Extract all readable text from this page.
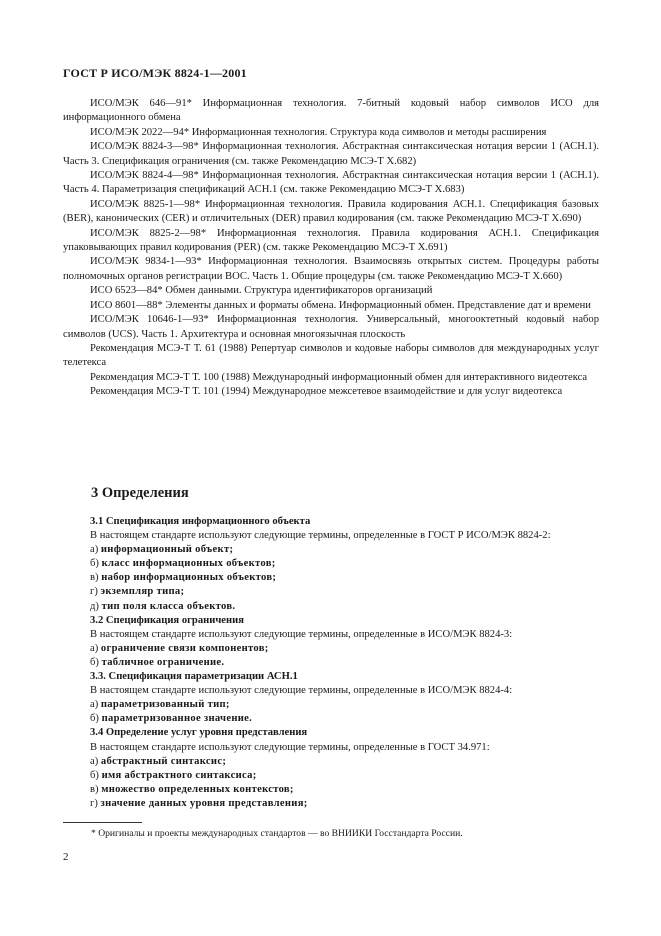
ГОСТ Р ИСО/МЭК 8824-1—2001

ИСО/МЭК 646—91* Информационная технология. 7-битный кодовый набор символов ИСО для информационного обмена

ИСО/МЭК 2022—94* Информационная технология. Структура кода символов и методы расширения

ИСО/МЭК 8824-3—98* Информационная технология. Абстрактная синтаксическая нотация версии 1 (АСН.1). Часть 3. Спецификация ограничения (см. также Рекомендацию МСЭ-Т Х.682)

ИСО/МЭК 8824-4—98* Информационная технология. Абстрактная синтаксическая нотация версии 1 (АСН.1). Часть 4. Параметризация спецификаций АСН.1 (см. также Рекомендацию МСЭ-Т Х.683)

ИСО/МЭК 8825-1—98* Информационная технология. Правила кодирования АСН.1. Спецификация базовых (BER), канонических (CER) и отличительных (DER) правил кодирования (см. также Рекомендацию МСЭ-Т Х.690)

ИСО/МЭК 8825-2—98* Информационная технология. Правила кодирования АСН.1. Спецификация упаковывающих правил кодирования (PER) (см. также Рекомендацию МСЭ-Т Х.691)

ИСО/МЭК 9834-1—93* Информационная технология. Взаимосвязь открытых систем. Процедуры работы полномочных органов регистрации ВОС. Часть 1. Общие процедуры (см. также Рекомендацию МСЭ-Т Х.660)

ИСО 6523—84* Обмен данными. Структура идентификаторов организаций

ИСО 8601—88* Элементы данных и форматы обмена. Информационный обмен. Представление дат и времени

ИСО/МЭК 10646-1—93* Информационная технология. Универсальный, многооктетный кодовый набор символов (UCS). Часть 1. Архитектура и основная многоязычная плоскость

Рекомендация МСЭ-Т Т. 61 (1988) Репертуар символов и кодовые наборы символов для международных услуг телетекса

Рекомендация МСЭ-Т Т. 100 (1988) Международный информационный обмен для интерактивного видеотекса

Рекомендация МСЭ-Т Т. 101 (1994) Международное межсетевое взаимодействие и для услуг видеотекса

3 Определения

3.1 Спецификация информационного объекта

В настоящем стандарте используют следующие термины, определенные в ГОСТ Р ИСО/МЭК 8824-2:

а) информационный объект;

б) класс информационных объектов;

в) набор информационных объектов;

г) экземпляр типа;

д) тип поля класса объектов.

3.2 Спецификация ограничения

В настоящем стандарте используют следующие термины, определенные в ИСО/МЭК 8824-3:

а) ограничение связи компонентов;

б) табличное ограничение.

3.3. Спецификация параметризации АСН.1

В настоящем стандарте используют следующие термины, определенные в ИСО/МЭК 8824-4:

а) параметризованный тип;

б) параметризованное значение.

3.4 Определение услуг уровня представления

В настоящем стандарте используют следующие термины, определенные в ГОСТ 34.971:

а) абстрактный синтаксис;

б) имя абстрактного синтаксиса;

в) множество определенных контекстов;

г) значение данных уровня представления;

* Оригиналы и проекты международных стандартов — во ВНИИКИ Госстандарта России.
2
